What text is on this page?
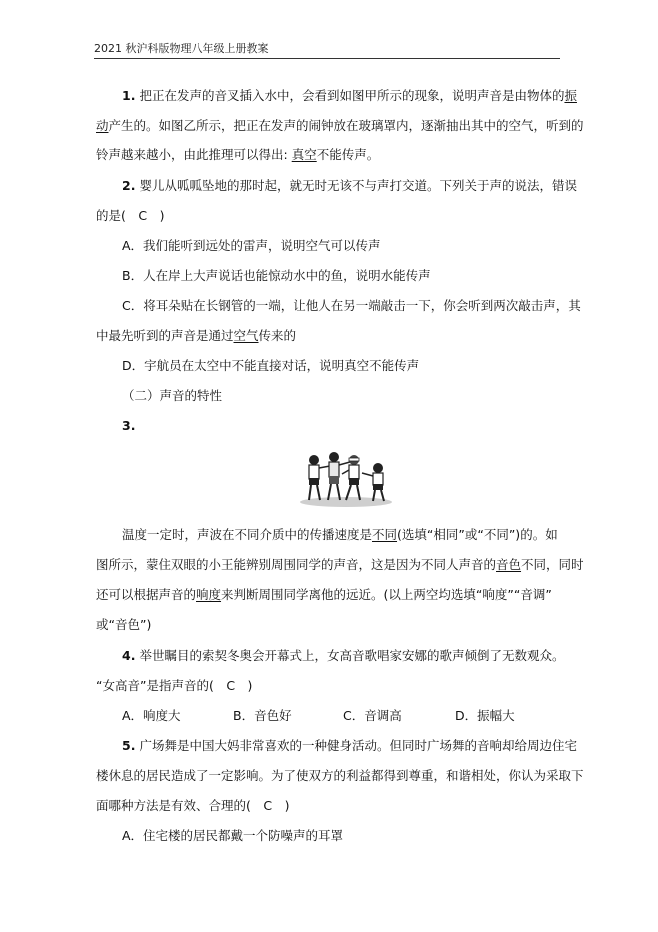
2021 秋沪科版物理八年级上册教案
1. 把正在发声的音叉插入水中，会看到如图甲所示的现象，说明声音是由物体的振
动产生的。如图乙所示，把正在发声的闹钟放在玻璃罩内，逐渐抽出其中的空气，听到的
铃声越来越小，由此推理可以得出: 真空不能传声。
2. 婴儿从呱呱坠地的那时起，就无时无该不与声打交道。下列关于声的说法，错误
的是(　C　)
A．我们能听到远处的雷声，说明空气可以传声
B．人在岸上大声说话也能惊动水中的鱼，说明水能传声
C．将耳朵贴在长钢管的一端，让他人在另一端敲击一下，你会听到两次敲击声，其
中最先听到的声音是通过空气传来的
D．宇航员在太空中不能直接对话，说明真空不能传声
（二）声音的特性
3.
温度一定时，声波在不同介质中的传播速度是不同(选填“相同”或“不同”)的。如
图所示，蒙住双眼的小王能辨别周围同学的声音，这是因为不同人声音的音色不同，同时
还可以根据声音的响度来判断周围同学离他的远近。(以上两空均选填“响度”“音调”
或“音色”)
4. 举世瞩目的索契冬奥会开幕式上，女高音歌唱家安娜的歌声倾倒了无数观众。
“女高音”是指声音的(　C　)
A．响度大	B．音色好	C．音调高	D．振幅大
5. 广场舞是中国大妈非常喜欢的一种健身活动。但同时广场舞的音响却给周边住宅
楼休息的居民造成了一定影响。为了使双方的利益都得到尊重，和谐相处，你认为采取下
面哪种方法是有效、合理的(　C　)
A．住宅楼的居民都戴一个防噪声的耳罩
